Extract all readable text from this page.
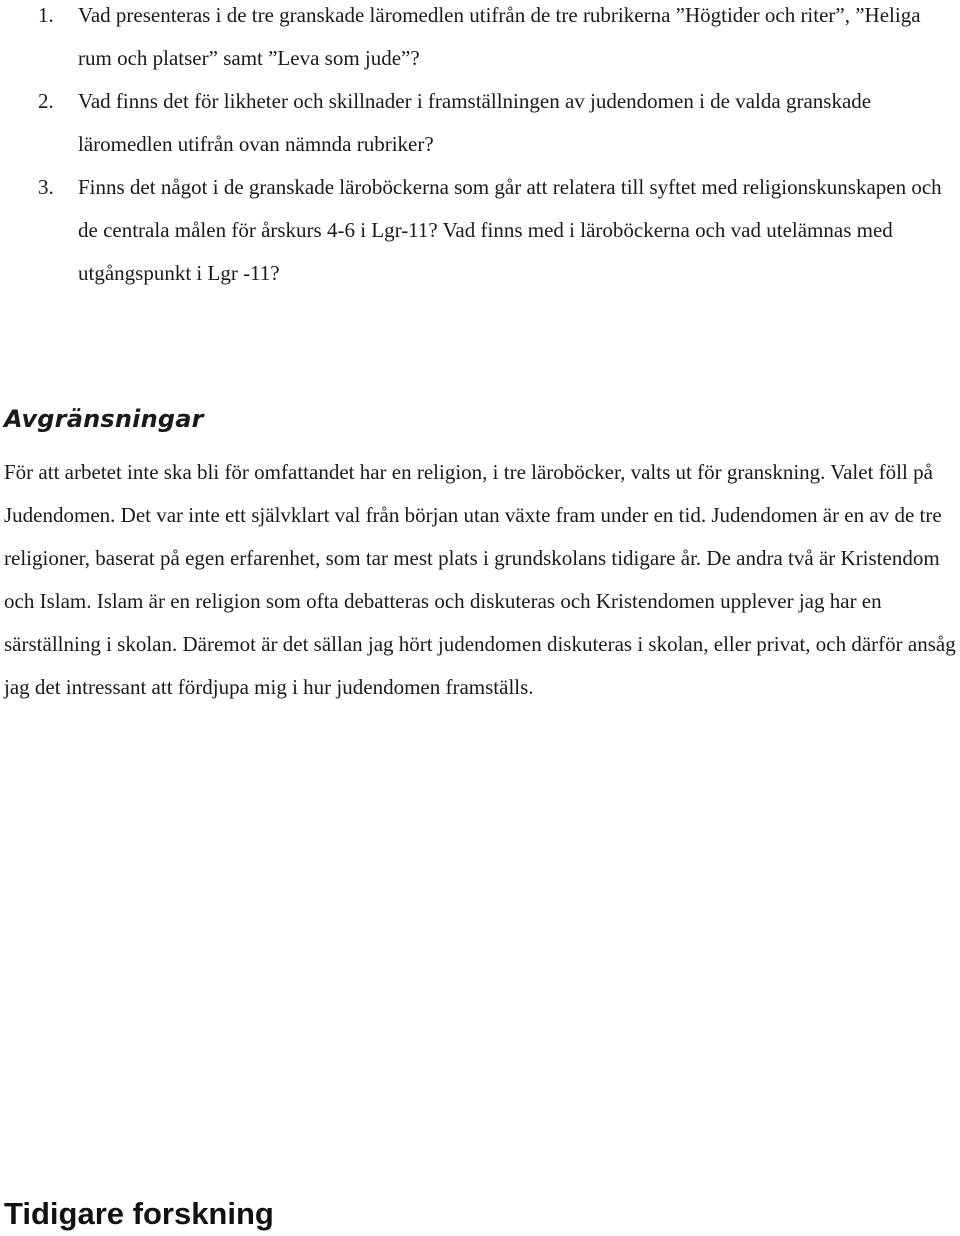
1. Vad presenteras i de tre granskade läromedlen utifrån de tre rubrikerna ”Högtider och riter”, ”Heliga rum och platser” samt ”Leva som jude”?
2. Vad finns det för likheter och skillnader i framställningen av judendomen i de valda granskade läromedlen utifrån ovan nämnda rubriker?
3. Finns det något i de granskade läroböckerna som går att relatera till syftet med religionskunskapen och de centrala målen för årskurs 4-6 i Lgr-11? Vad finns med i läroböckerna och vad utelämnas med utgångspunkt i Lgr -11?
Avgränsningar

För att arbetet inte ska bli för omfattandet har en religion, i tre läroböcker, valts ut för granskning. Valet föll på Judendomen. Det var inte ett självklart val från början utan växte fram under en tid. Judendomen är en av de tre religioner, baserat på egen erfarenhet, som tar mest plats i grundskolans tidigare år. De andra två är Kristendom och Islam. Islam är en religion som ofta debatteras och diskuteras och Kristendomen upplever jag har en särställning i skolan. Däremot är det sällan jag hört judendomen diskuteras i skolan, eller privat, och därför ansåg jag det intressant att fördjupa mig i hur judendomen framställs.

Tidigare forskning
